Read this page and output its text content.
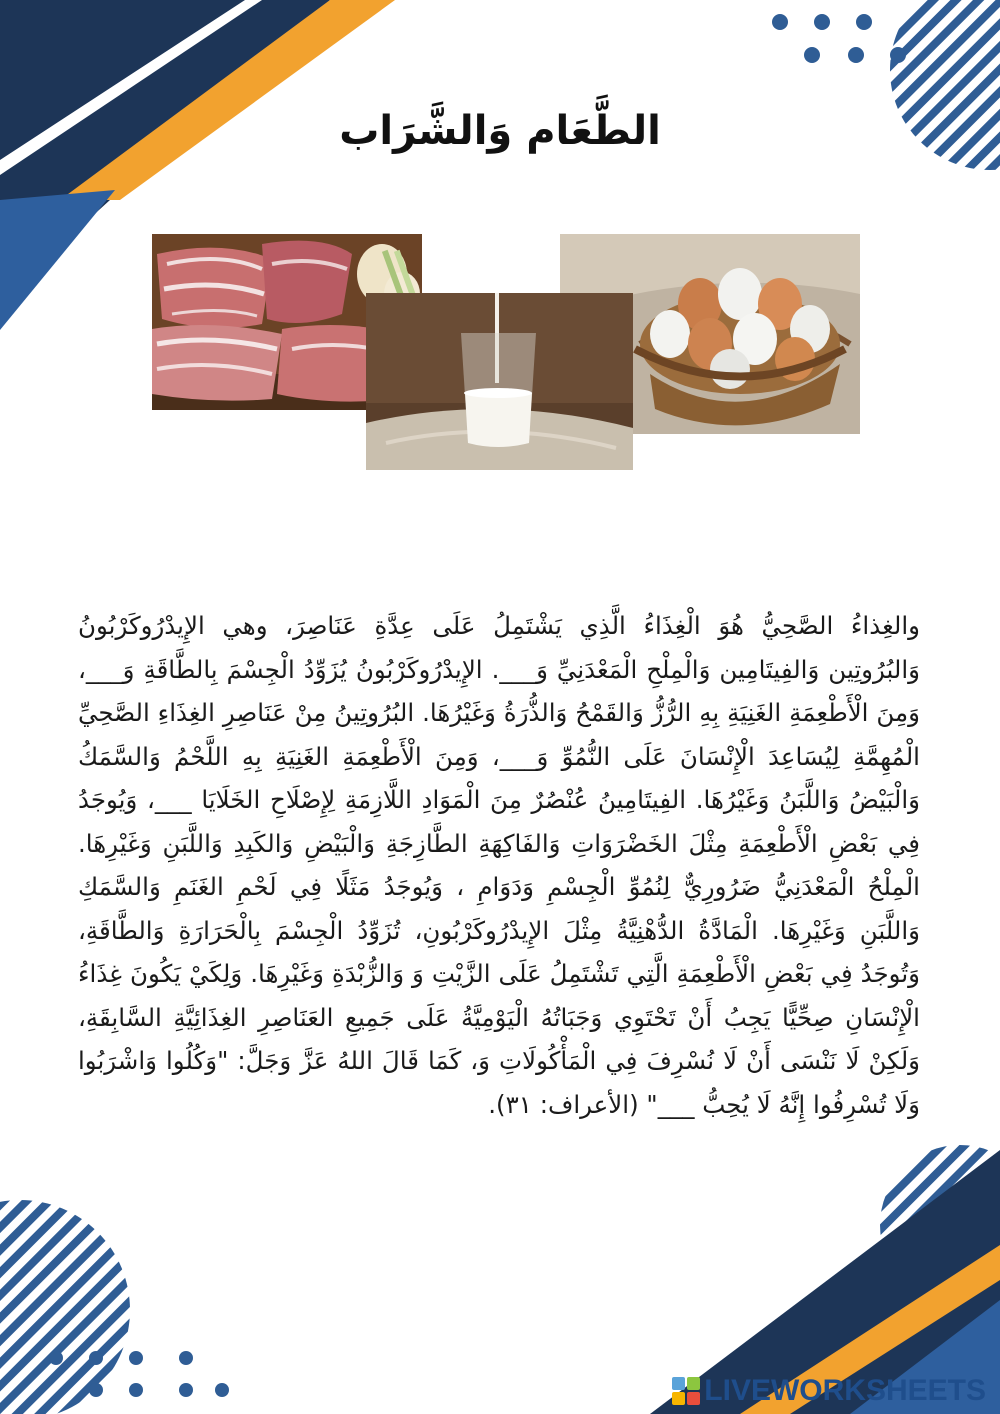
الطَّعَام وَالشَّرَاب

والغِذاءُ الصَّحِيُّ هُوَ الْغِذَاءُ الَّذِي يَشْتَمِلُ عَلَى عِدَّةِ عَنَاصِرَ، وهي الإِيدْرُوكَرْبُونُ وَالبُرُوتِين وَالفِيتَامِين وَالْمِلْحِ الْمَعْدَنِيِّ وَ___. الإِيدْرُوكَرْبُونُ يُزَوِّدُ الْجِسْمَ بِالطَّاقَةِ وَ___، وَمِنَ الْأَطْعِمَةِ الغَنِيَةِ بِهِ الرُّزُّ وَالقَمْحُ وَالذُّرَةُ وَغَيْرُهَا. البُرُوتِينُ مِنْ عَنَاصِرِ الغِذَاءِ الصَّحِيِّ الْمُهِمَّةِ لِيُسَاعِدَ الْإِنْسَانَ عَلَى النُّمُوِّ وَ___، وَمِنَ الْأَطْعِمَةِ الغَنِيَةِ بِهِ اللَّحْمُ وَالسَّمَكُ وَالْبَيْضُ وَاللَّبَنُ وَغَيْرُهَا. الفِيتَامِينُ عُنْصُرٌ مِنَ الْمَوَادِ اللَّازِمَةِ لِإِصْلَاحِ الخَلَايَا ___، وَيُوجَدُ فِي بَعْضِ الْأَطْعِمَةِ مِثْلَ الخَضْرَوَاتِ وَالفَاكِهَةِ الطَّازِجَةِ وَالْبَيْضِ وَالكَبِدِ وَاللَّبَنِ وَغَيْرِهَا. الْمِلْحُ الْمَعْدَنِيُّ ضَرُورِيٌّ لِنُمُوِّ الْجِسْمِ وَدَوَامِ ، وَيُوجَدُ مَثَلًا فِي لَحْمِ الغَنَمِ وَالسَّمَكِ وَاللَّبَنِ وَغَيْرِهَا. الْمَادَّةُ الدُّهْنِيَّةُ مِثْلَ الإِيدْرُوكَرْبُونِ، تُزَوِّدُ الْجِسْمَ بِالْحَرَارَةِ وَالطَّاقَةِ، وَتُوجَدُ فِي بَعْضِ الْأَطْعِمَةِ الَّتِي تَشْتَمِلُ عَلَى الزَّيْتِ وَ وَالزُّبْدَةِ وَغَيْرِهَا. وَلِكَيْ يَكُونَ غِذَاءُ الْإِنْسَانِ صِحِّيًّا يَجِبُ أَنْ تَحْتَوِي وَجَبَاتُهُ الْيَوْمِيَّةُ عَلَى جَمِيعِ العَنَاصِرِ الغِذَائِيَّةِ السَّابِقَةِ، وَلَكِنْ لَا نَنْسَى أَنْ لَا نُسْرِفَ فِي الْمَأْكُولَاتِ وَ، كَمَا قَالَ اللهُ عَزَّ وَجَلَّ: "وَكُلُوا وَاشْرَبُوا وَلَا تُسْرِفُوا إِنَّهُ لَا يُحِبُّ ___" (الأعراف: ٣١).

LIVEWORKSHEETS
